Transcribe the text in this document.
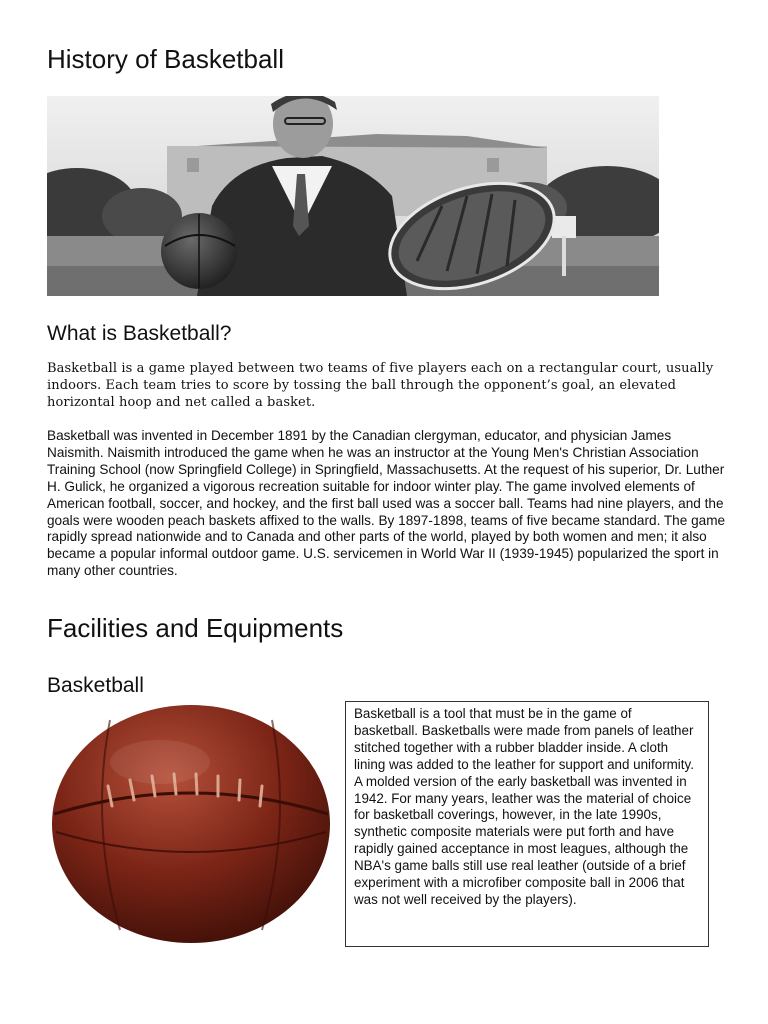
History of Basketball
What is Basketball?

Basketball is a game played between two teams of five players each on a rectangular court, usually indoors. Each team tries to score by tossing the ball through the opponent’s goal, an elevated horizontal hoop and net called a basket.

Basketball was invented in December 1891 by the Canadian clergyman, educator, and physician James Naismith. Naismith introduced the game when he was an instructor at the Young Men's Christian Association Training School (now Springfield College) in Springfield, Massachusetts. At the request of his superior, Dr. Luther H. Gulick, he organized a vigorous recreation suitable for indoor winter play. The game involved elements of American football, soccer, and hockey, and the first ball used was a soccer ball. Teams had nine players, and the goals were wooden peach baskets affixed to the walls. By 1897-1898, teams of five became standard. The game rapidly spread nationwide and to Canada and other parts of the world, played by both women and men; it also became a popular informal outdoor game. U.S. servicemen in World War II (1939-1945) popularized the sport in many other countries.

Facilities and Equipments
Basketball

Basketball is a tool that must be in the game of basketball. Basketballs were made from panels of leather stitched together with a rubber bladder inside. A cloth lining was added to the leather for support and uniformity. A molded version of the early basketball was invented in 1942. For many years, leather was the material of choice for basketball coverings, however, in the late 1990s, synthetic composite materials were put forth and have rapidly gained acceptance in most leagues, although the NBA's game balls still use real leather (outside of a brief experiment with a microfiber composite ball in 2006 that was not well received by the players).
